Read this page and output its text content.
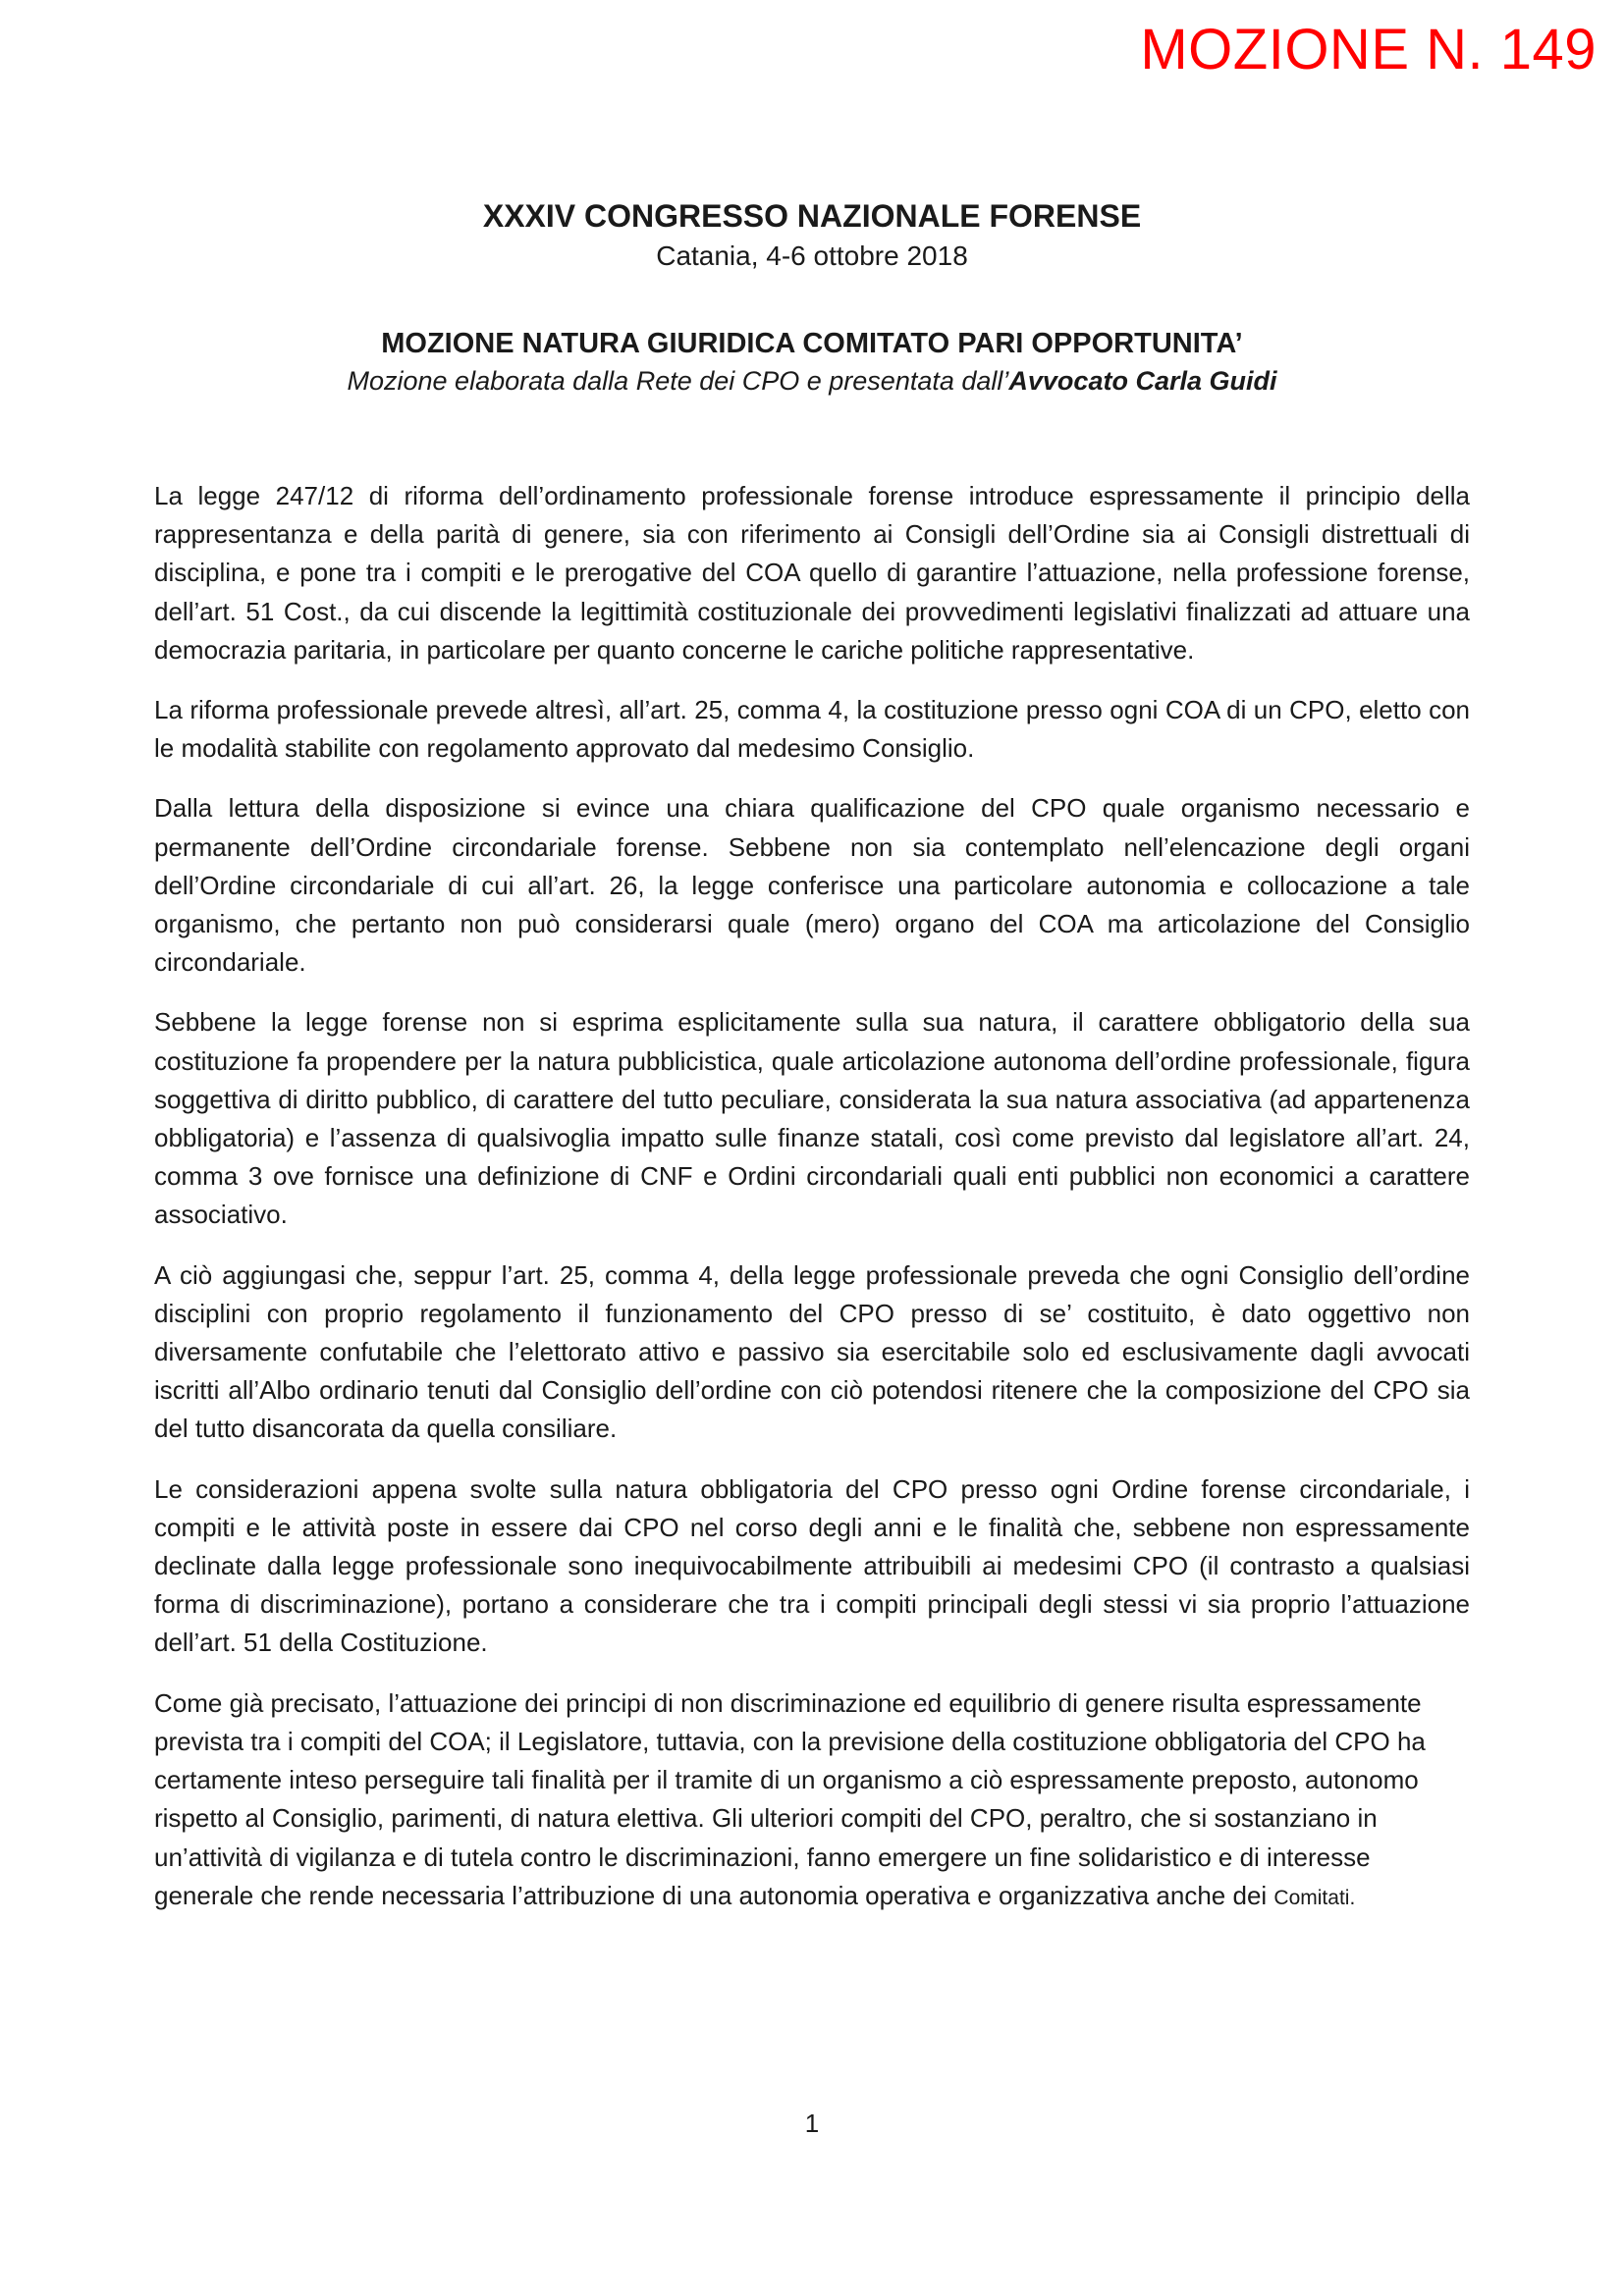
MOZIONE N. 149
XXXIV CONGRESSO NAZIONALE FORENSE
Catania, 4-6 ottobre 2018
MOZIONE NATURA GIURIDICA COMITATO PARI OPPORTUNITA’
Mozione elaborata dalla Rete dei CPO e presentata dall’Avvocato Carla Guidi

La legge 247/12 di riforma dell’ordinamento professionale forense introduce espressamente il principio della rappresentanza e della parità di genere, sia con riferimento ai Consigli dell’Ordine sia ai Consigli distrettuali di disciplina, e pone tra i compiti e le prerogative del COA quello di garantire l’attuazione, nella professione forense, dell’art. 51 Cost., da cui discende la legittimità costituzionale dei provvedimenti legislativi finalizzati ad attuare una democrazia paritaria, in particolare per quanto concerne le cariche politiche rappresentative.

La riforma professionale prevede altresì, all’art. 25, comma 4, la costituzione presso ogni COA di un CPO, eletto con le modalità stabilite con regolamento approvato dal medesimo Consiglio.

Dalla lettura della disposizione si evince una chiara qualificazione del CPO quale organismo necessario e permanente dell’Ordine circondariale forense. Sebbene non sia contemplato nell’elencazione degli organi dell’Ordine circondariale di cui all’art. 26, la legge conferisce una particolare autonomia e collocazione a tale organismo, che pertanto non può considerarsi quale (mero) organo del COA ma articolazione del Consiglio circondariale.

Sebbene la legge forense non si esprima esplicitamente sulla sua natura, il carattere obbligatorio della sua costituzione fa propendere per la natura pubblicistica, quale articolazione autonoma dell’ordine professionale, figura soggettiva di diritto pubblico, di carattere del tutto peculiare, considerata la sua natura associativa (ad appartenenza obbligatoria) e l’assenza di qualsivoglia impatto sulle finanze statali, così come previsto dal legislatore all’art. 24, comma 3 ove fornisce una definizione di CNF e Ordini circondariali quali enti pubblici non economici a carattere associativo.

A ciò aggiungasi che, seppur l’art. 25, comma 4, della legge professionale preveda che ogni Consiglio dell’ordine disciplini con proprio regolamento il funzionamento del CPO presso di se’ costituito, è dato oggettivo non diversamente confutabile che l’elettorato attivo e passivo sia esercitabile solo ed esclusivamente dagli avvocati iscritti all’Albo ordinario tenuti dal Consiglio dell’ordine con ciò potendosi ritenere che la composizione del CPO sia del tutto disancorata da quella consiliare.

Le considerazioni appena svolte sulla natura obbligatoria del CPO presso ogni Ordine forense circondariale, i compiti e le attività poste in essere dai CPO nel corso degli anni e le finalità che, sebbene non espressamente declinate dalla legge professionale sono inequivocabilmente attribuibili ai medesimi CPO (il contrasto a qualsiasi forma di discriminazione), portano a considerare che tra i compiti principali degli stessi vi sia proprio l’attuazione dell’art. 51 della Costituzione.

Come già precisato, l’attuazione dei principi di non discriminazione ed equilibrio di genere risulta espressamente prevista tra i compiti del COA; il Legislatore, tuttavia, con la previsione della costituzione obbligatoria del CPO ha certamente inteso perseguire tali finalità per il tramite di un organismo a ciò espressamente preposto, autonomo rispetto al Consiglio, parimenti, di natura elettiva. Gli ulteriori compiti del CPO, peraltro, che si sostanziano in un’attività di vigilanza e di tutela contro le discriminazioni, fanno emergere un fine solidaristico e di interesse generale che rende necessaria l’attribuzione di una autonomia operativa e organizzativa anche dei Comitati.

1
